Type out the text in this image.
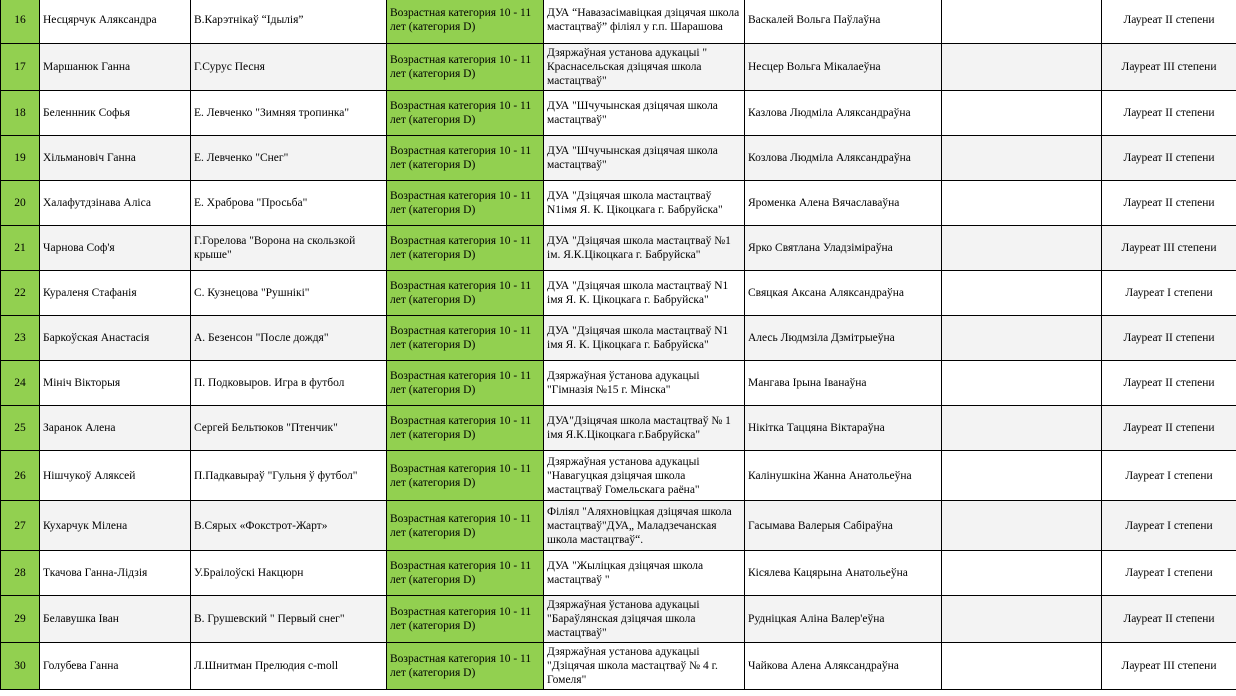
16	Несцярчук Аляксандра	В.Карэтнікаў “Ідылія”	Возрастная категория 10 - 11 лет (категория D)	ДУА “Навазасімавіцкая дзіцячая школа мастацтваў” філіял у г.п. Шарашова	Васкалей Вольга Паўлаўна		Лауреат II степени
17	Маршанюк Ганна	Г.Сурус Песня	Возрастная категория 10 - 11 лет (категория D)	Дзяржаўная установа адукацыі " Краснасельская дзіцячая школа мастацтваў"	Несцер Вольга Мікалаеўна		Лауреат III степени
18	Беленнник Софья	Е. Левченко "Зимняя тропинка"	Возрастная категория 10 - 11 лет (категория D)	ДУА "Шчучынская дзіцячая школа мастацтваў"	Казлова Людміла Аляксандраўна		Лауреат II степени
19	Хільмановіч Ганна	Е. Левченко "Снег"	Возрастная категория 10 - 11 лет (категория D)	ДУА "Шчучынская дзіцячая школа мастацтваў"	Козлова Людміла Аляксандраўна		Лауреат II степени
20	Халафутдзінава Аліса	Е. Храброва "Просьба"	Возрастная категория 10 - 11 лет (категория D)	ДУА "Дзіцячая школа мастацтваў N1імя Я. К. Цікоцкага г. Бабруйска"	Яроменка Алена Вячаславаўна		Лауреат II степени
21	Чарнова Соф'я	Г.Горелова "Ворона на скользкой крыше"	Возрастная категория 10 - 11 лет (категория D)	ДУА "Дзіцячая школа мастацтваў №1 ім. Я.К.Цікоцкага г. Бабруйска"	Ярко Святлана Уладзіміраўна		Лауреат III степени
22	Кураленя Стафанія	С. Кузнецова "Рушнікі"	Возрастная категория 10 - 11 лет (категория D)	ДУА "Дзіцячая школа мастацтваў N1 імя Я. К. Цікоцкага г. Бабруйска"	Свяцкая Аксана Аляксандраўна		Лауреат I степени
23	Баркоўская Анастасія	А. Безенсон "После дождя"	Возрастная категория 10 - 11 лет (категория D)	ДУА "Дзіцячая школа мастацтваў N1 імя Я. К. Цікоцкага г. Бабруйска"	Алесь Людмзіла Дзмітрыеўна		Лауреат II степени
24	Мініч Вікторыя	П. Подковыров. Игра в футбол	Возрастная категория 10 - 11 лет (категория D)	Дзяржаўная ўстанова адукацыі "Гімназія №15 г. Мінска"	Мангава Ірына Іванаўна		Лауреат II степени
25	Заранок Алена	Сергей Бельтюков "Птенчик"	Возрастная категория 10 - 11 лет (категория D)	ДУА"Дзіцячая школа мастацтваў № 1 імя Я.К.Цікоцкага г.Бабруйска"	Нікітка Таццяна Віктараўна		Лауреат II степени
26	Нішчукоў Аляксей	П.Падкавыраў "Гульня ў футбол"	Возрастная категория 10 - 11 лет (категория D)	Дзяржаўная установа адукацыі "Навагуцкая дзіцячая школа мастацтваў Гомельскага раёна"	Калінушкіна Жанна Анатольеўна		Лауреат I степени
27	Кухарчук Мілена	В.Сярых «Фокстрот-Жарт»	Возрастная категория 10 - 11 лет (категория D)	Філіял "Аляхновіцкая дзіцячая школа мастацтваў"ДУА„ Маладзечанская школа мастацтваў“.	Гасымава Валерыя Сабіраўна		Лауреат I степени
28	Ткачова Ганна-Лідзія	У.Браілоўскі Накцюрн	Возрастная категория 10 - 11 лет (категория D)	ДУА "Жыліцкая дзіцячая школа мастацтваў "	Кісялева Кацярына Анатольеўна		Лауреат I степени
29	Белавушка Іван	В. Грушевский " Первый снег"	Возрастная категория 10 - 11 лет (категория D)	Дзяржаўная ўстанова адукацыі "Бараўлянская дзіцячая школа мастацтваў"	Рудніцкая Аліна Валер'еўна		Лауреат II степени
30	Голубева Ганна	Л.Шнитман Прелюдия c-moll	Возрастная категория 10 - 11 лет (категория D)	Дзяржаўная установа адукацыі "Дзіцячая школа мастацтваў № 4 г. Гомеля"	Чайкова Алена Аляксандраўна		Лауреат III степени
